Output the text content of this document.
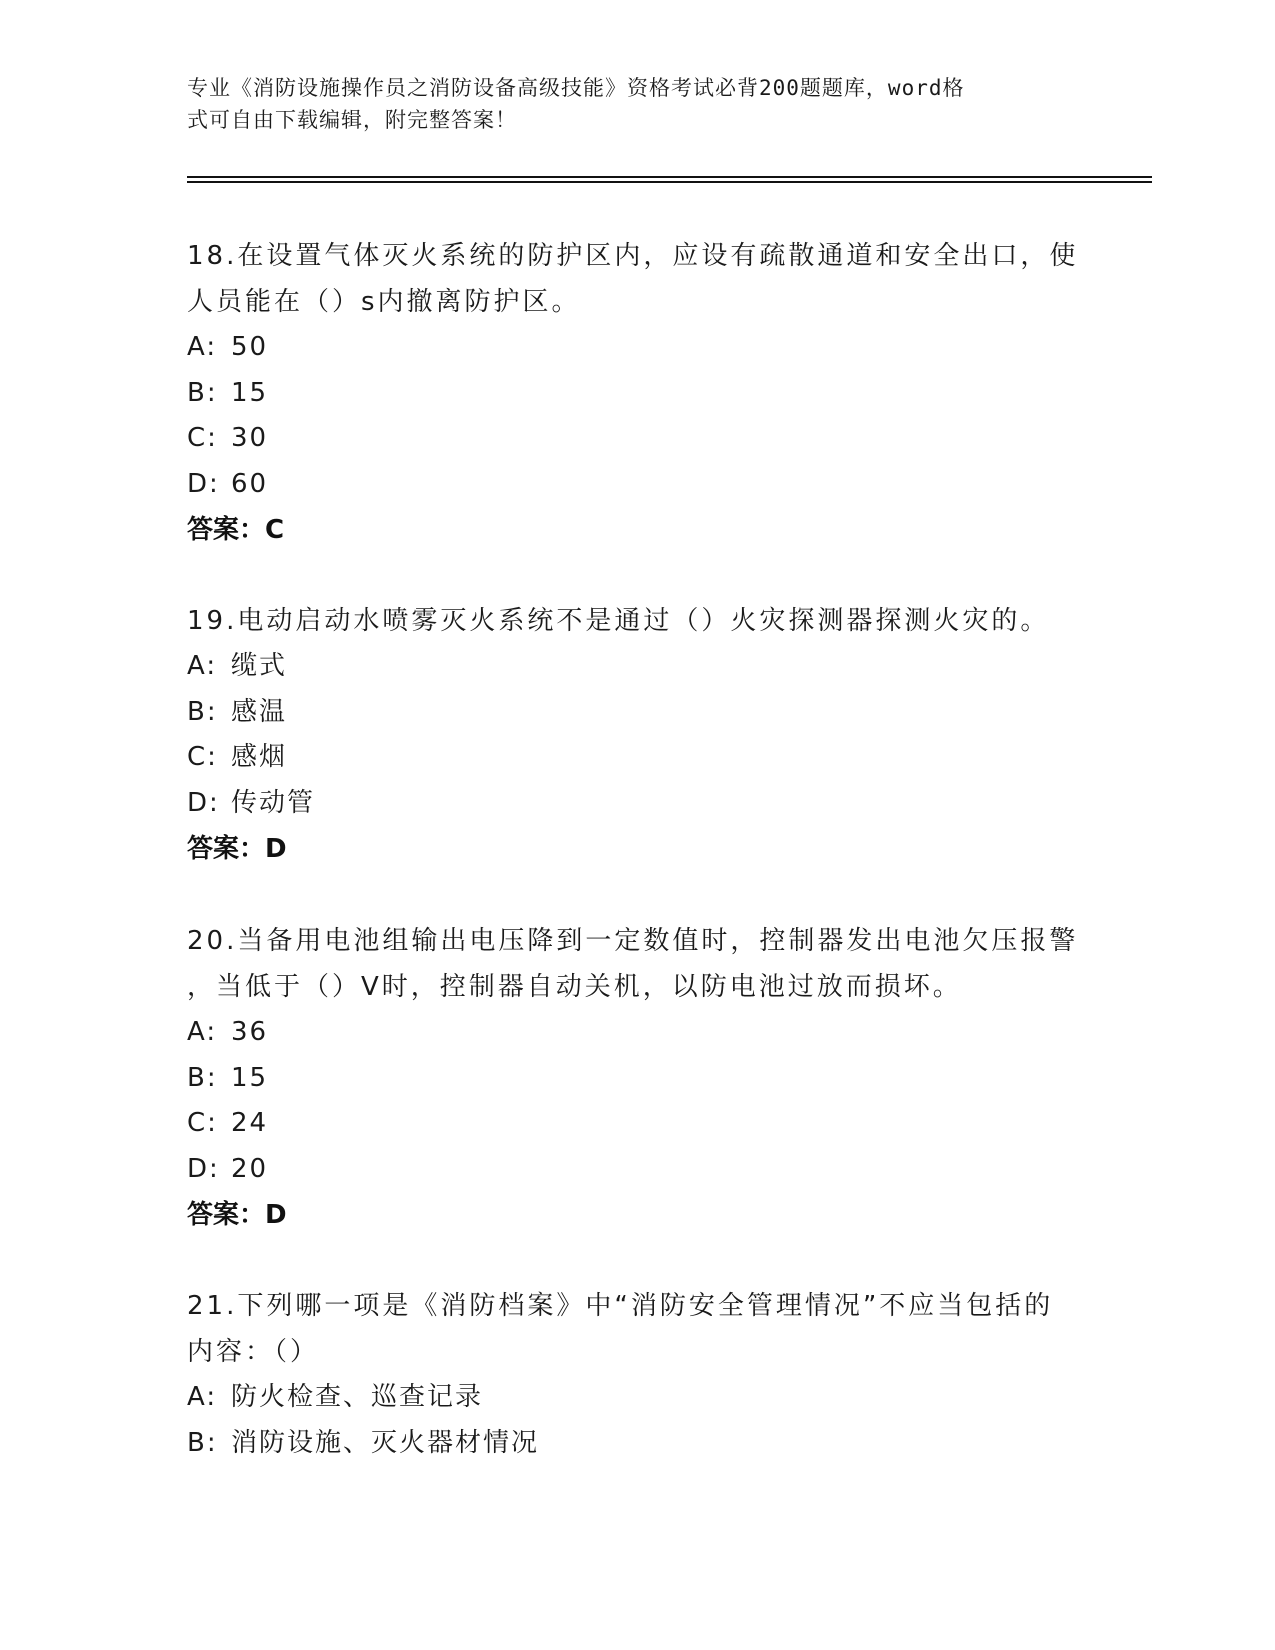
专业《消防设施操作员之消防设备高级技能》资格考试必背200题题库，word格
式可自由下载编辑，附完整答案！
18.在设置气体灭火系统的防护区内，应设有疏散通道和安全出口，使
人员能在（）s内撤离防护区。
A: 50
B: 15
C: 30
D: 60
答案：C
19.电动启动水喷雾灭火系统不是通过（）火灾探测器探测火灾的。
A: 缆式
B: 感温
C: 感烟
D: 传动管
答案：D
20.当备用电池组输出电压降到一定数值时，控制器发出电池欠压报警
，当低于（）V时，控制器自动关机，以防电池过放而损坏。
A: 36
B: 15
C: 24
D: 20
答案：D
21.下列哪一项是《消防档案》中“消防安全管理情况”不应当包括的
内容：（）
A: 防火检查、巡查记录
B: 消防设施、灭火器材情况
